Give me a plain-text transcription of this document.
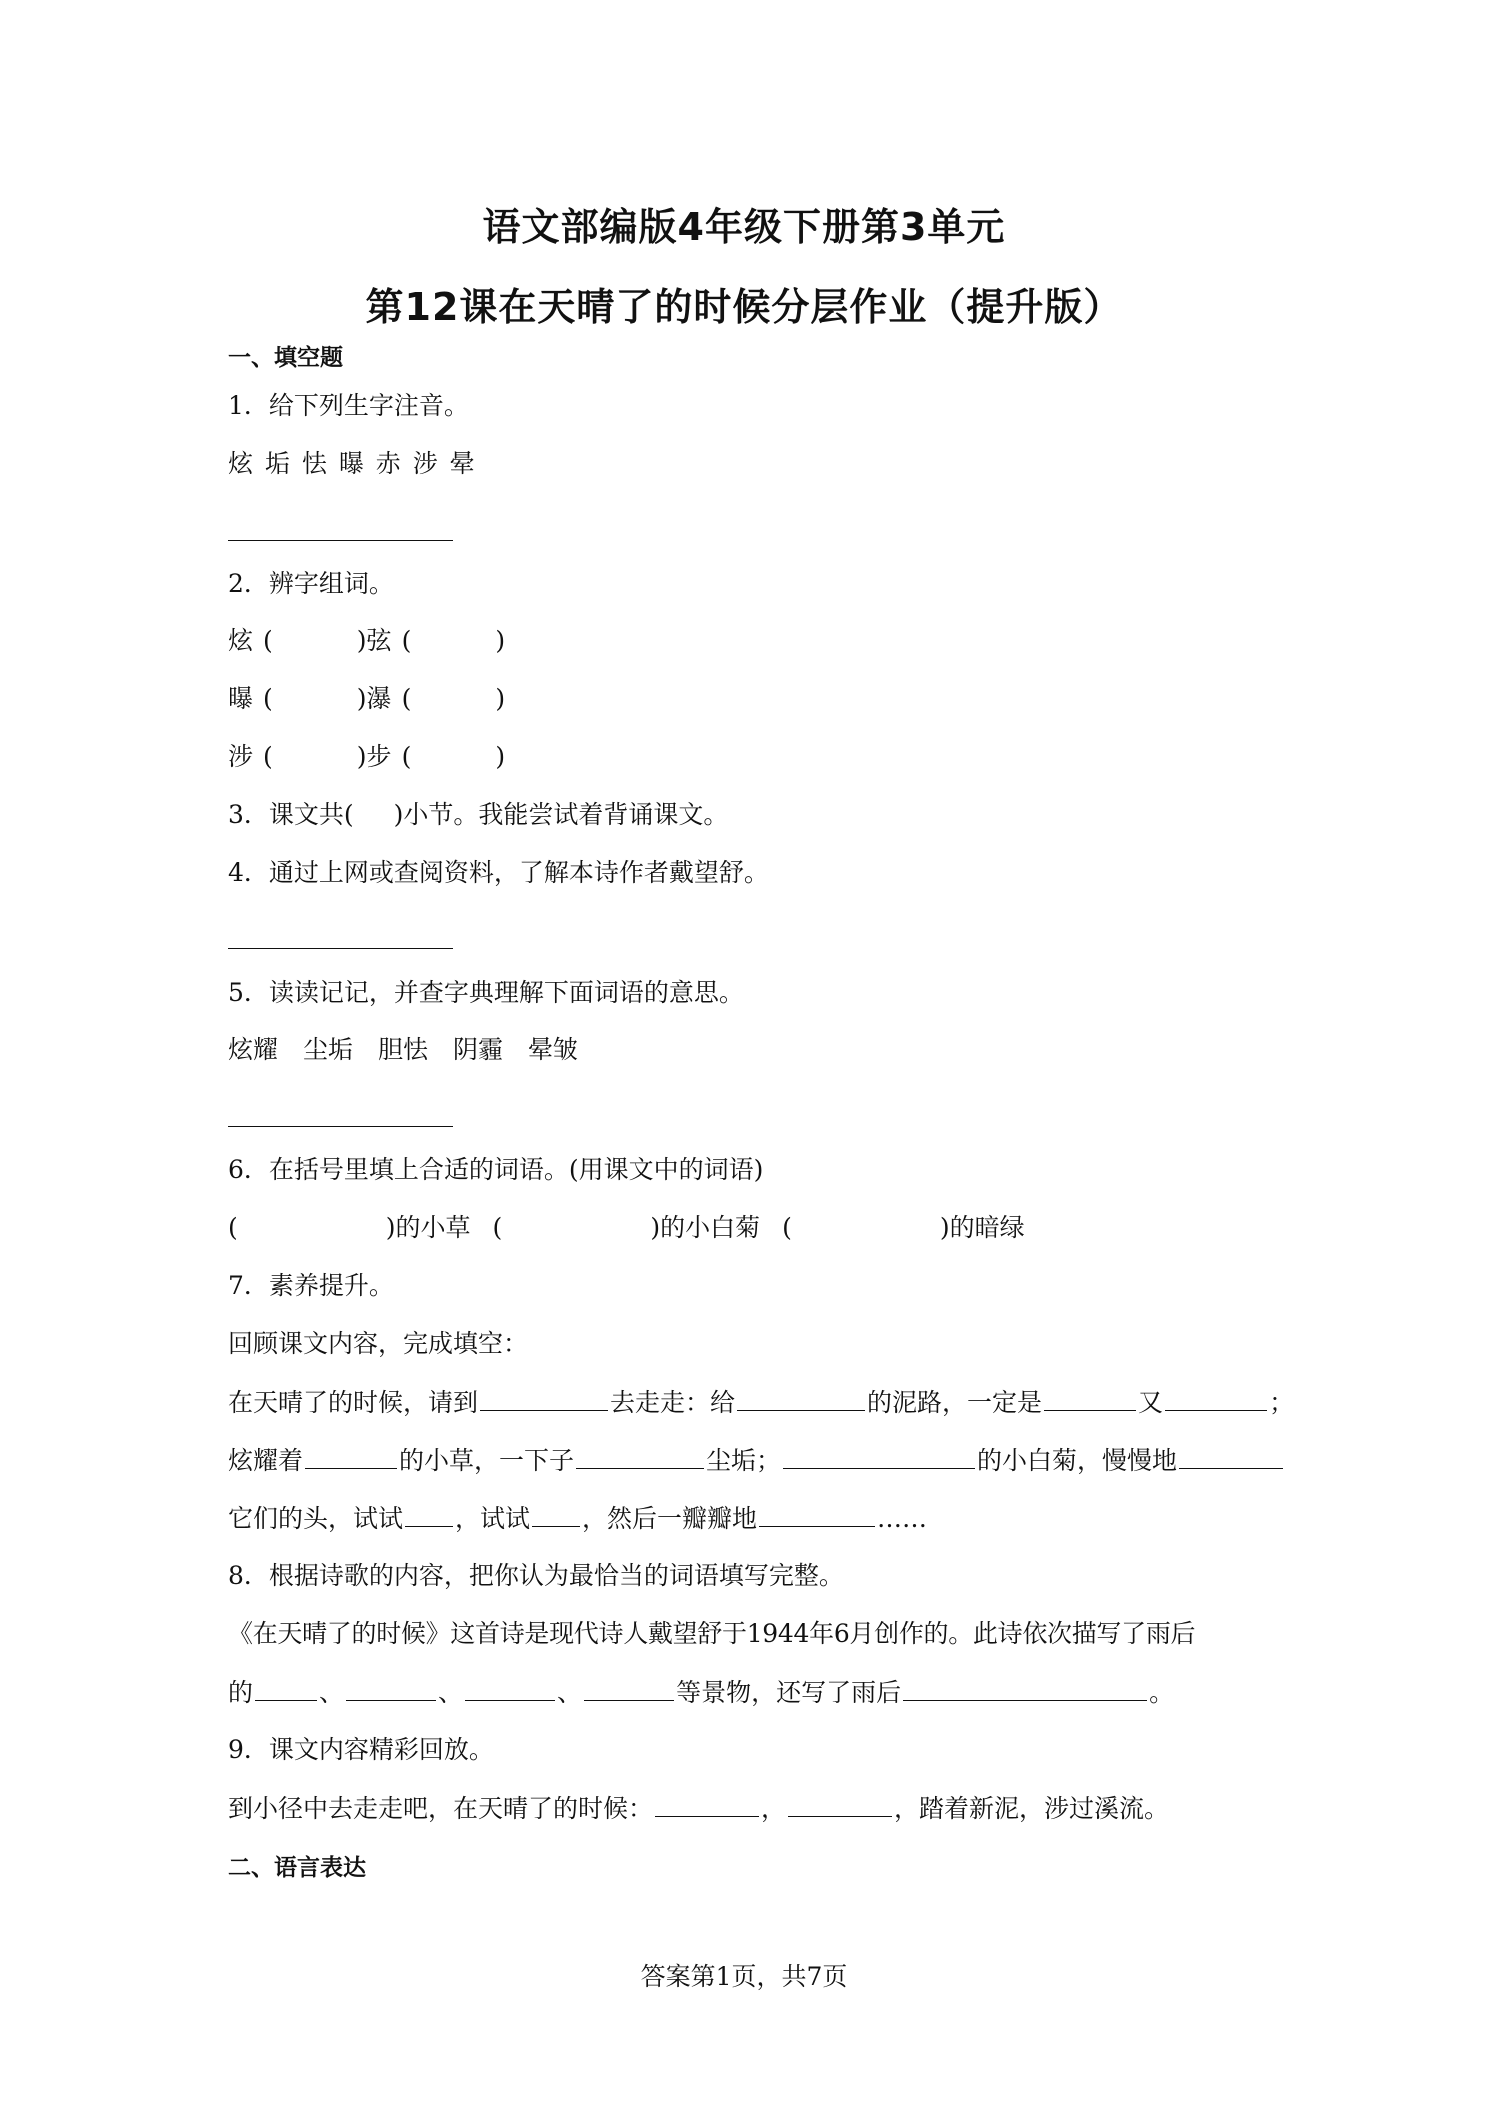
语文部编版4年级下册第3单元
第12课在天晴了的时候分层作业（提升版）
一、填空题
1．给下列生字注音。
炫 垢 怯 曝 赤 涉 晕
2．辨字组词。
炫 (	)弦 (	)
曝 (	)瀑 (	)
涉 (	)步 (	)
3．课文共( )小节。我能尝试着背诵课文。
4．通过上网或查阅资料，了解本诗作者戴望舒。
5．读读记记，并查字典理解下面词语的意思。
炫耀　尘垢　胆怯　阴霾　晕皱
6．在括号里填上合适的词语。(用课文中的词语)
(	)的小草 (	)的小白菊 (	)的暗绿
7．素养提升。
回顾课文内容，完成填空：
在天晴了的时候，请到	去走走：给	的泥路，一定是	又	；
炫耀着	的小草，一下子	尘垢；	的小白菊，慢慢地
它们的头，试试 ，试试 ，然后一瓣瓣地	……
8．根据诗歌的内容，把你认为最恰当的词语填写完整。
《在天晴了的时候》这首诗是现代诗人戴望舒于1944年6月创作的。此诗依次描写了雨后
的	、	、	、	等景物，还写了雨后	。
9．课文内容精彩回放。
到小径中去走走吧，在天晴了的时候：	，	，踏着新泥，涉过溪流。
二、语言表达
答案第1页，共7页
